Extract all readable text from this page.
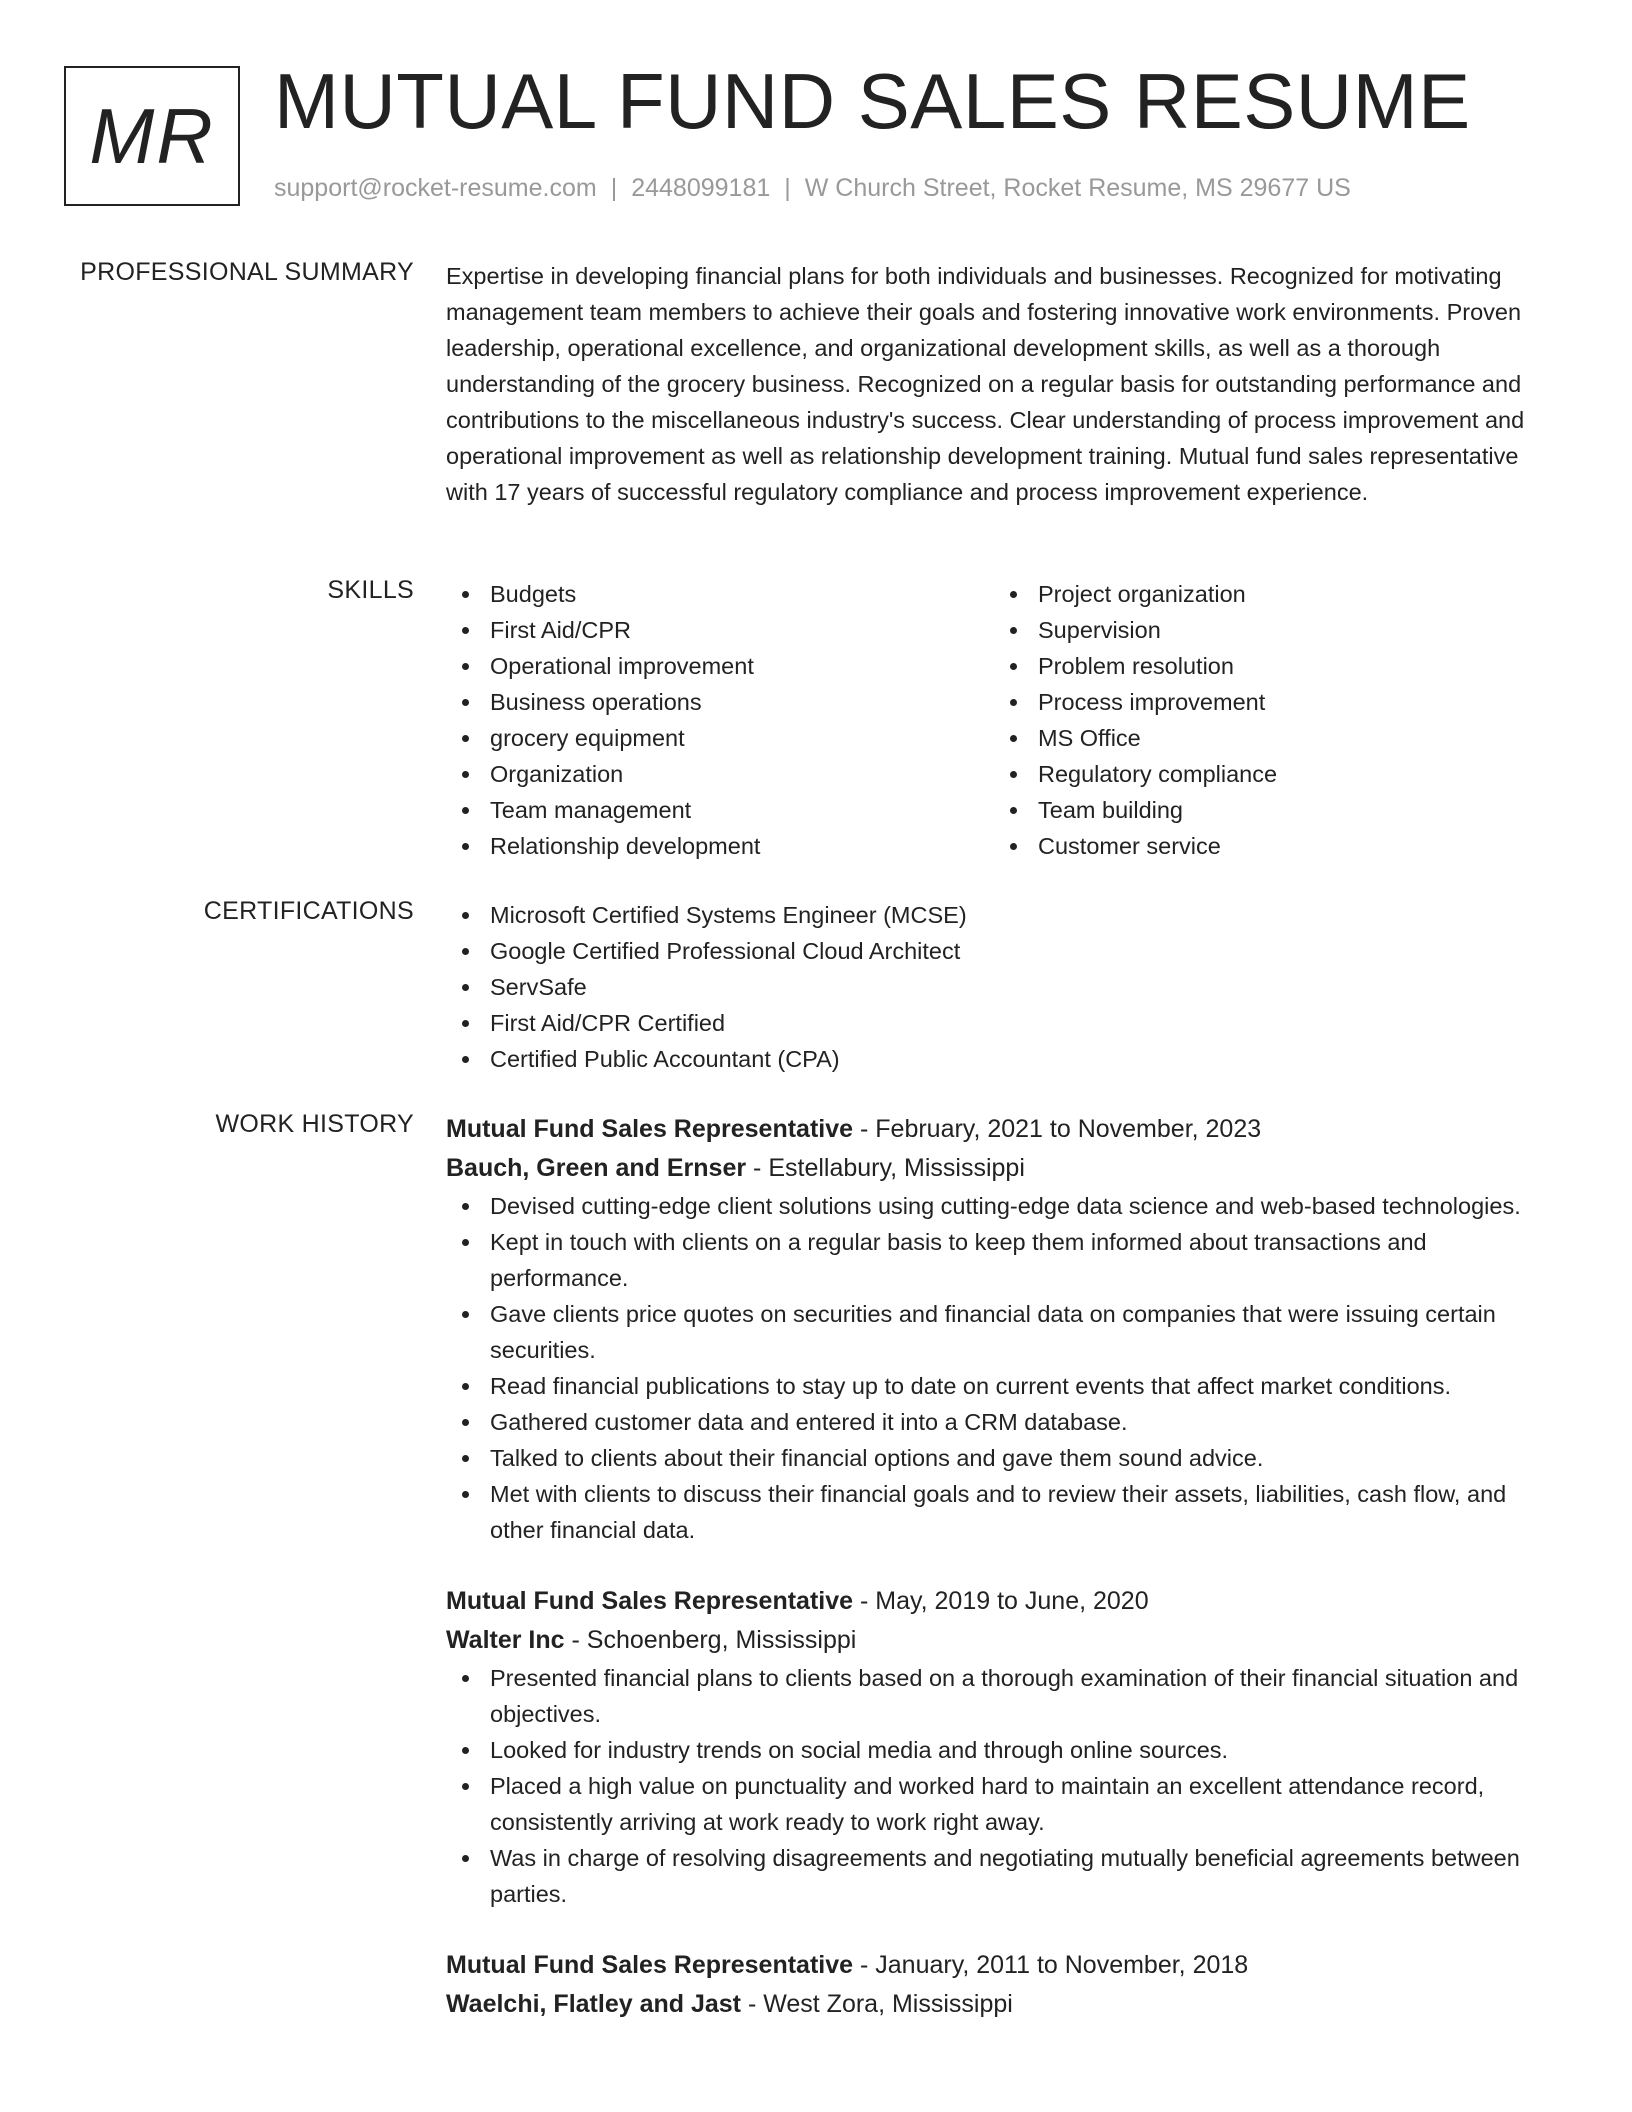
MR MUTUAL FUND SALES RESUME
support@rocket-resume.com | 2448099181 | W Church Street, Rocket Resume, MS 29677 US
PROFESSIONAL SUMMARY Expertise in developing financial plans for both individuals and businesses. Recognized for motivating management team members to achieve their goals and fostering innovative work environments. Proven leadership, operational excellence, and organizational development skills, as well as a thorough understanding of the grocery business. Recognized on a regular basis for outstanding performance and contributions to the miscellaneous industry's success. Clear understanding of process improvement and operational improvement as well as relationship development training. Mutual fund sales representative with 17 years of successful regulatory compliance and process improvement experience.

SKILLS	Budgets
First Aid/CPR
Operational improvement
Business operations
grocery equipment
Organization
Team management
Relationship development
Project organization
Supervision
Problem resolution
Process improvement
MS Office
Regulatory compliance
Team building
Customer service
CERTIFICATIONS	Microsoft Certified Systems Engineer (MCSE)
Google Certified Professional Cloud Architect
ServSafe
First Aid/CPR Certified
Certified Public Accountant (CPA)
WORK HISTORY Mutual Fund Sales Representative - February, 2021 to November, 2023
Bauch, Green and Ernser - Estellabury, Mississippi
Devised cutting-edge client solutions using cutting-edge data science and web-based technologies.
Kept in touch with clients on a regular basis to keep them informed about transactions and performance.
Gave clients price quotes on securities and financial data on companies that were issuing certain securities.
Read financial publications to stay up to date on current events that affect market conditions.
Gathered customer data and entered it into a CRM database.
Talked to clients about their financial options and gave them sound advice.
Met with clients to discuss their financial goals and to review their assets, liabilities, cash flow, and other financial data.
Mutual Fund Sales Representative - May, 2019 to June, 2020
Walter Inc - Schoenberg, Mississippi
Presented financial plans to clients based on a thorough examination of their financial situation and objectives.
Looked for industry trends on social media and through online sources.
Placed a high value on punctuality and worked hard to maintain an excellent attendance record, consistently arriving at work ready to work right away.
Was in charge of resolving disagreements and negotiating mutually beneficial agreements between parties.
Mutual Fund Sales Representative - January, 2011 to November, 2018
Waelchi, Flatley and Jast - West Zora, Mississippi
